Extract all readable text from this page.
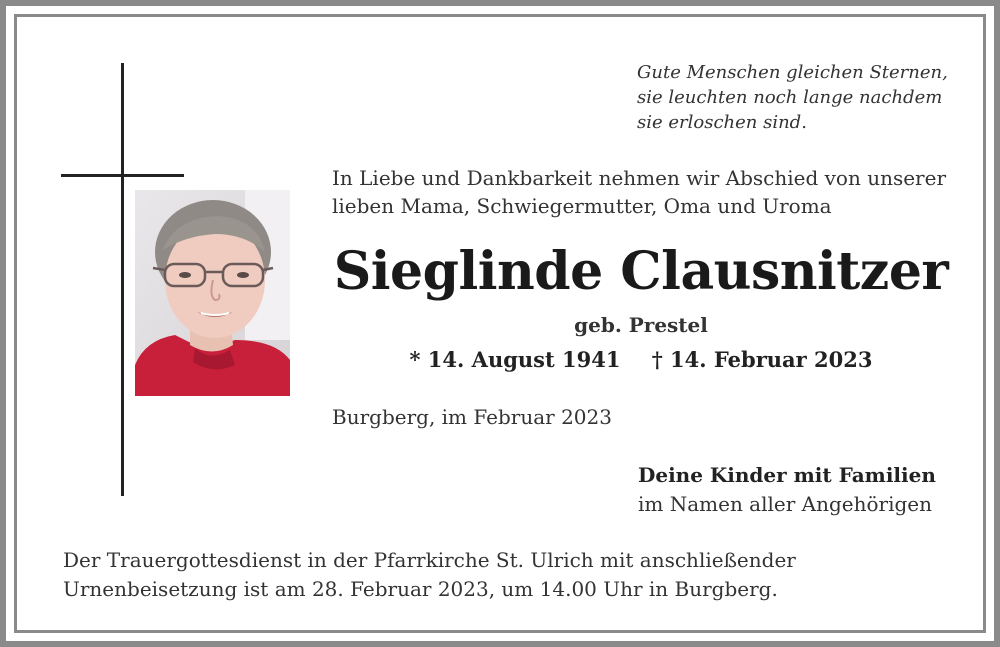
Gute Menschen gleichen Sternen,
sie leuchten noch lange nachdem
sie erloschen sind.
In Liebe und Dankbarkeit nehmen wir Abschied von unserer
lieben Mama, Schwiegermutter, Oma und Uroma
Sieglinde Clausnitzer
geb. Prestel
* 14. August 1941 † 14. Februar 2023
Burgberg, im Februar 2023
Deine Kinder mit Familien
im Namen aller Angehörigen
Der Trauergottesdienst in der Pfarrkirche St. Ulrich mit anschließender
Urnenbeisetzung ist am 28. Februar 2023, um 14.00 Uhr in Burgberg.
